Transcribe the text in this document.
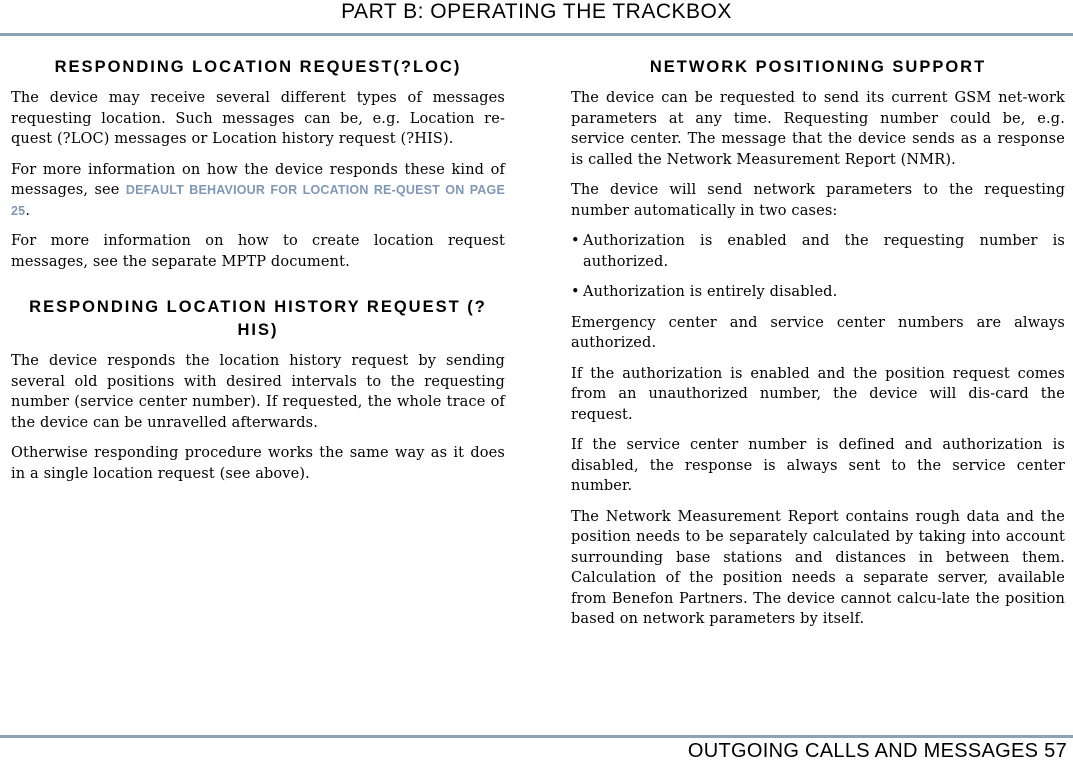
PART B: OPERATING THE TRACKBOX
RESPONDING LOCATION REQUEST(?LOC)

The device may receive several different types of messages requesting location. Such messages can be, e.g. Location re-quest (?LOC) messages or Location history request (?HIS).

For more information on how the device responds these kind of messages, see DEFAULT BEHAVIOUR FOR LOCATION RE-QUEST ON PAGE 25.

For more information on how to create location request messages, see the separate MPTP document.

RESPONDING LOCATION HISTORY REQUEST (?HIS)

The device responds the location history request by sending several old positions with desired intervals to the requesting number (service center number). If requested, the whole trace of the device can be unravelled afterwards.

Otherwise responding procedure works the same way as it does in a single location request (see above).

NETWORK POSITIONING SUPPORT

The device can be requested to send its current GSM net-work parameters at any time. Requesting number could be, e.g. service center. The message that the device sends as a response is called the Network Measurement Report (NMR).

The device will send network parameters to the requesting number automatically in two cases:

• Authorization is enabled and the requesting number is authorized.
• Authorization is entirely disabled.

Emergency center and service center numbers are always authorized.

If the authorization is enabled and the position request comes from an unauthorized number, the device will dis-card the request.

If the service center number is defined and authorization is disabled, the response is always sent to the service center number.

The Network Measurement Report contains rough data and the position needs to be separately calculated by taking into account surrounding base stations and distances in between them. Calculation of the position needs a separate server, available from Benefon Partners. The device cannot calcu-late the position based on network parameters by itself.

OUTGOING CALLS AND MESSAGES 57
